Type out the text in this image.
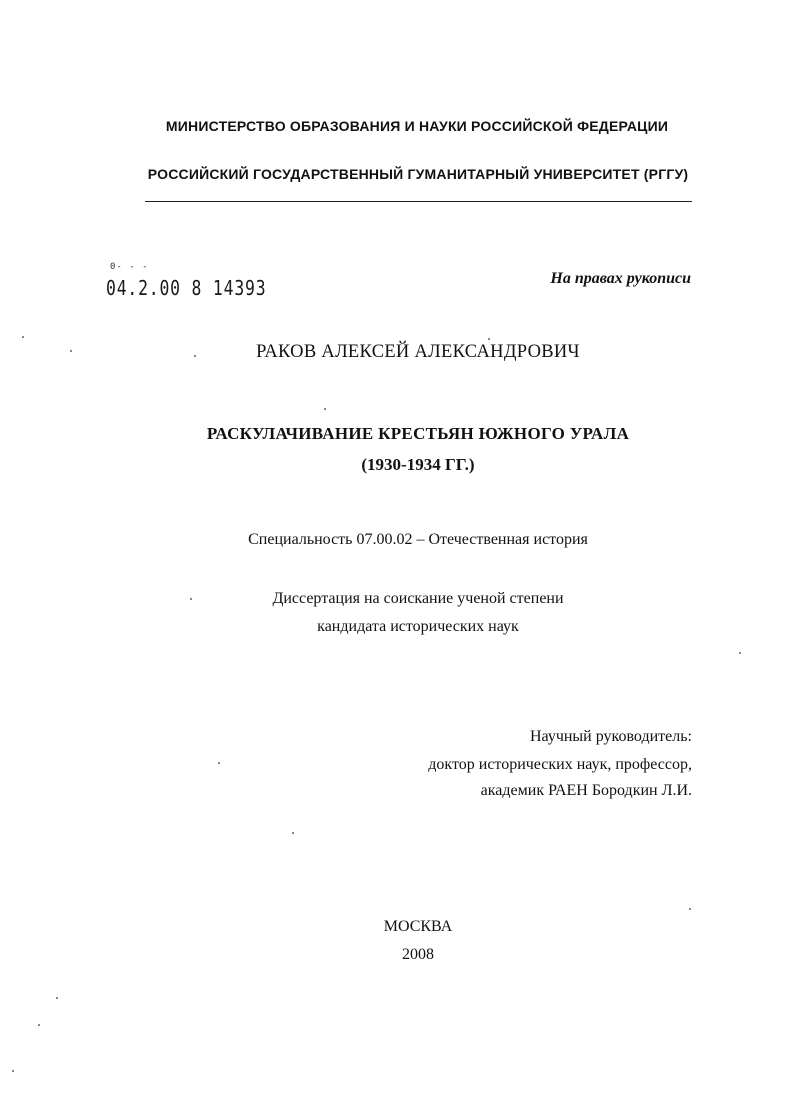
МИНИСТЕРСТВО ОБРАЗОВАНИЯ И НАУКИ РОССИЙСКОЙ ФЕДЕРАЦИИ
РОССИЙСКИЙ ГОСУДАРСТВЕННЫЙ ГУМАНИТАРНЫЙ УНИВЕРСИТЕТ (РГГУ)
0- - -
04.2.00 8 14393	На правах рукописи
РАКОВ АЛЕКСЕЙ АЛЕКСАНДРОВИЧ
РАСКУЛАЧИВАНИЕ КРЕСТЬЯН ЮЖНОГО УРАЛА
(1930-1934 ГГ.)
Специальность 07.00.02 – Отечественная история
Диссертация на соискание ученой степени
кандидата исторических наук
Научный руководитель:
доктор исторических наук, профессор,
академик РАЕН Бородкин Л.И.
МОСКВА
2008
